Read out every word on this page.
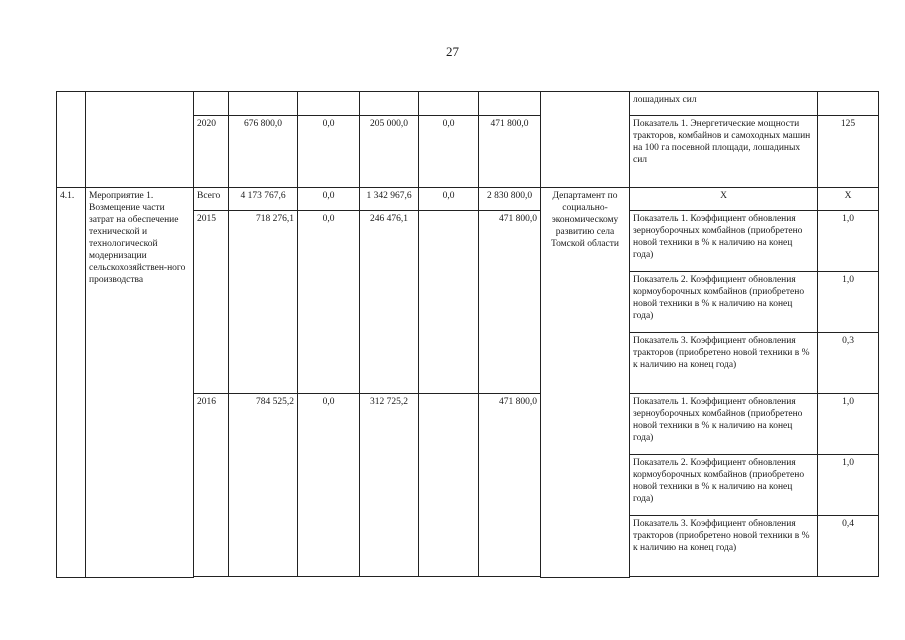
27
									лошадиных сил	
		2020	676 800,0	0,0	205 000,0	0,0	471 800,0		Показатель 1. Энергетические мощности тракторов, комбайнов и самоходных машин на 100 га посевной площади, лошадиных сил	125
4.1.	Мероприятие 1. Возмещение части затрат на обеспечение технической и технологической модернизации сельскохозяйствен-ного производства	Всего	4 173 767,6	0,0	1 342 967,6	0,0	2 830 800,0	Департамент по социально-экономическому развитию села Томской области	Х	Х
		2015	718 276,1	0,0	246 476,1		471 800,0		Показатель 1. Коэффициент обновления зерноуборочных комбайнов (приобретено новой техники в % к наличию на конец года)	1,0
									Показатель 2. Коэффициент обновления кормоуборочных комбайнов (приобретено новой техники в % к наличию на конец года)	1,0
									Показатель 3. Коэффициент обновления тракторов (приобретено новой техники в % к наличию на конец года)	0,3
		2016	784 525,2	0,0	312 725,2		471 800,0		Показатель 1. Коэффициент обновления зерноуборочных комбайнов (приобретено новой техники в % к наличию на конец года)	1,0
									Показатель 2. Коэффициент обновления кормоуборочных комбайнов (приобретено новой техники в % к наличию на конец года)	1,0
									Показатель 3. Коэффициент обновления тракторов (приобретено новой техники в % к наличию на конец года)	0,4
